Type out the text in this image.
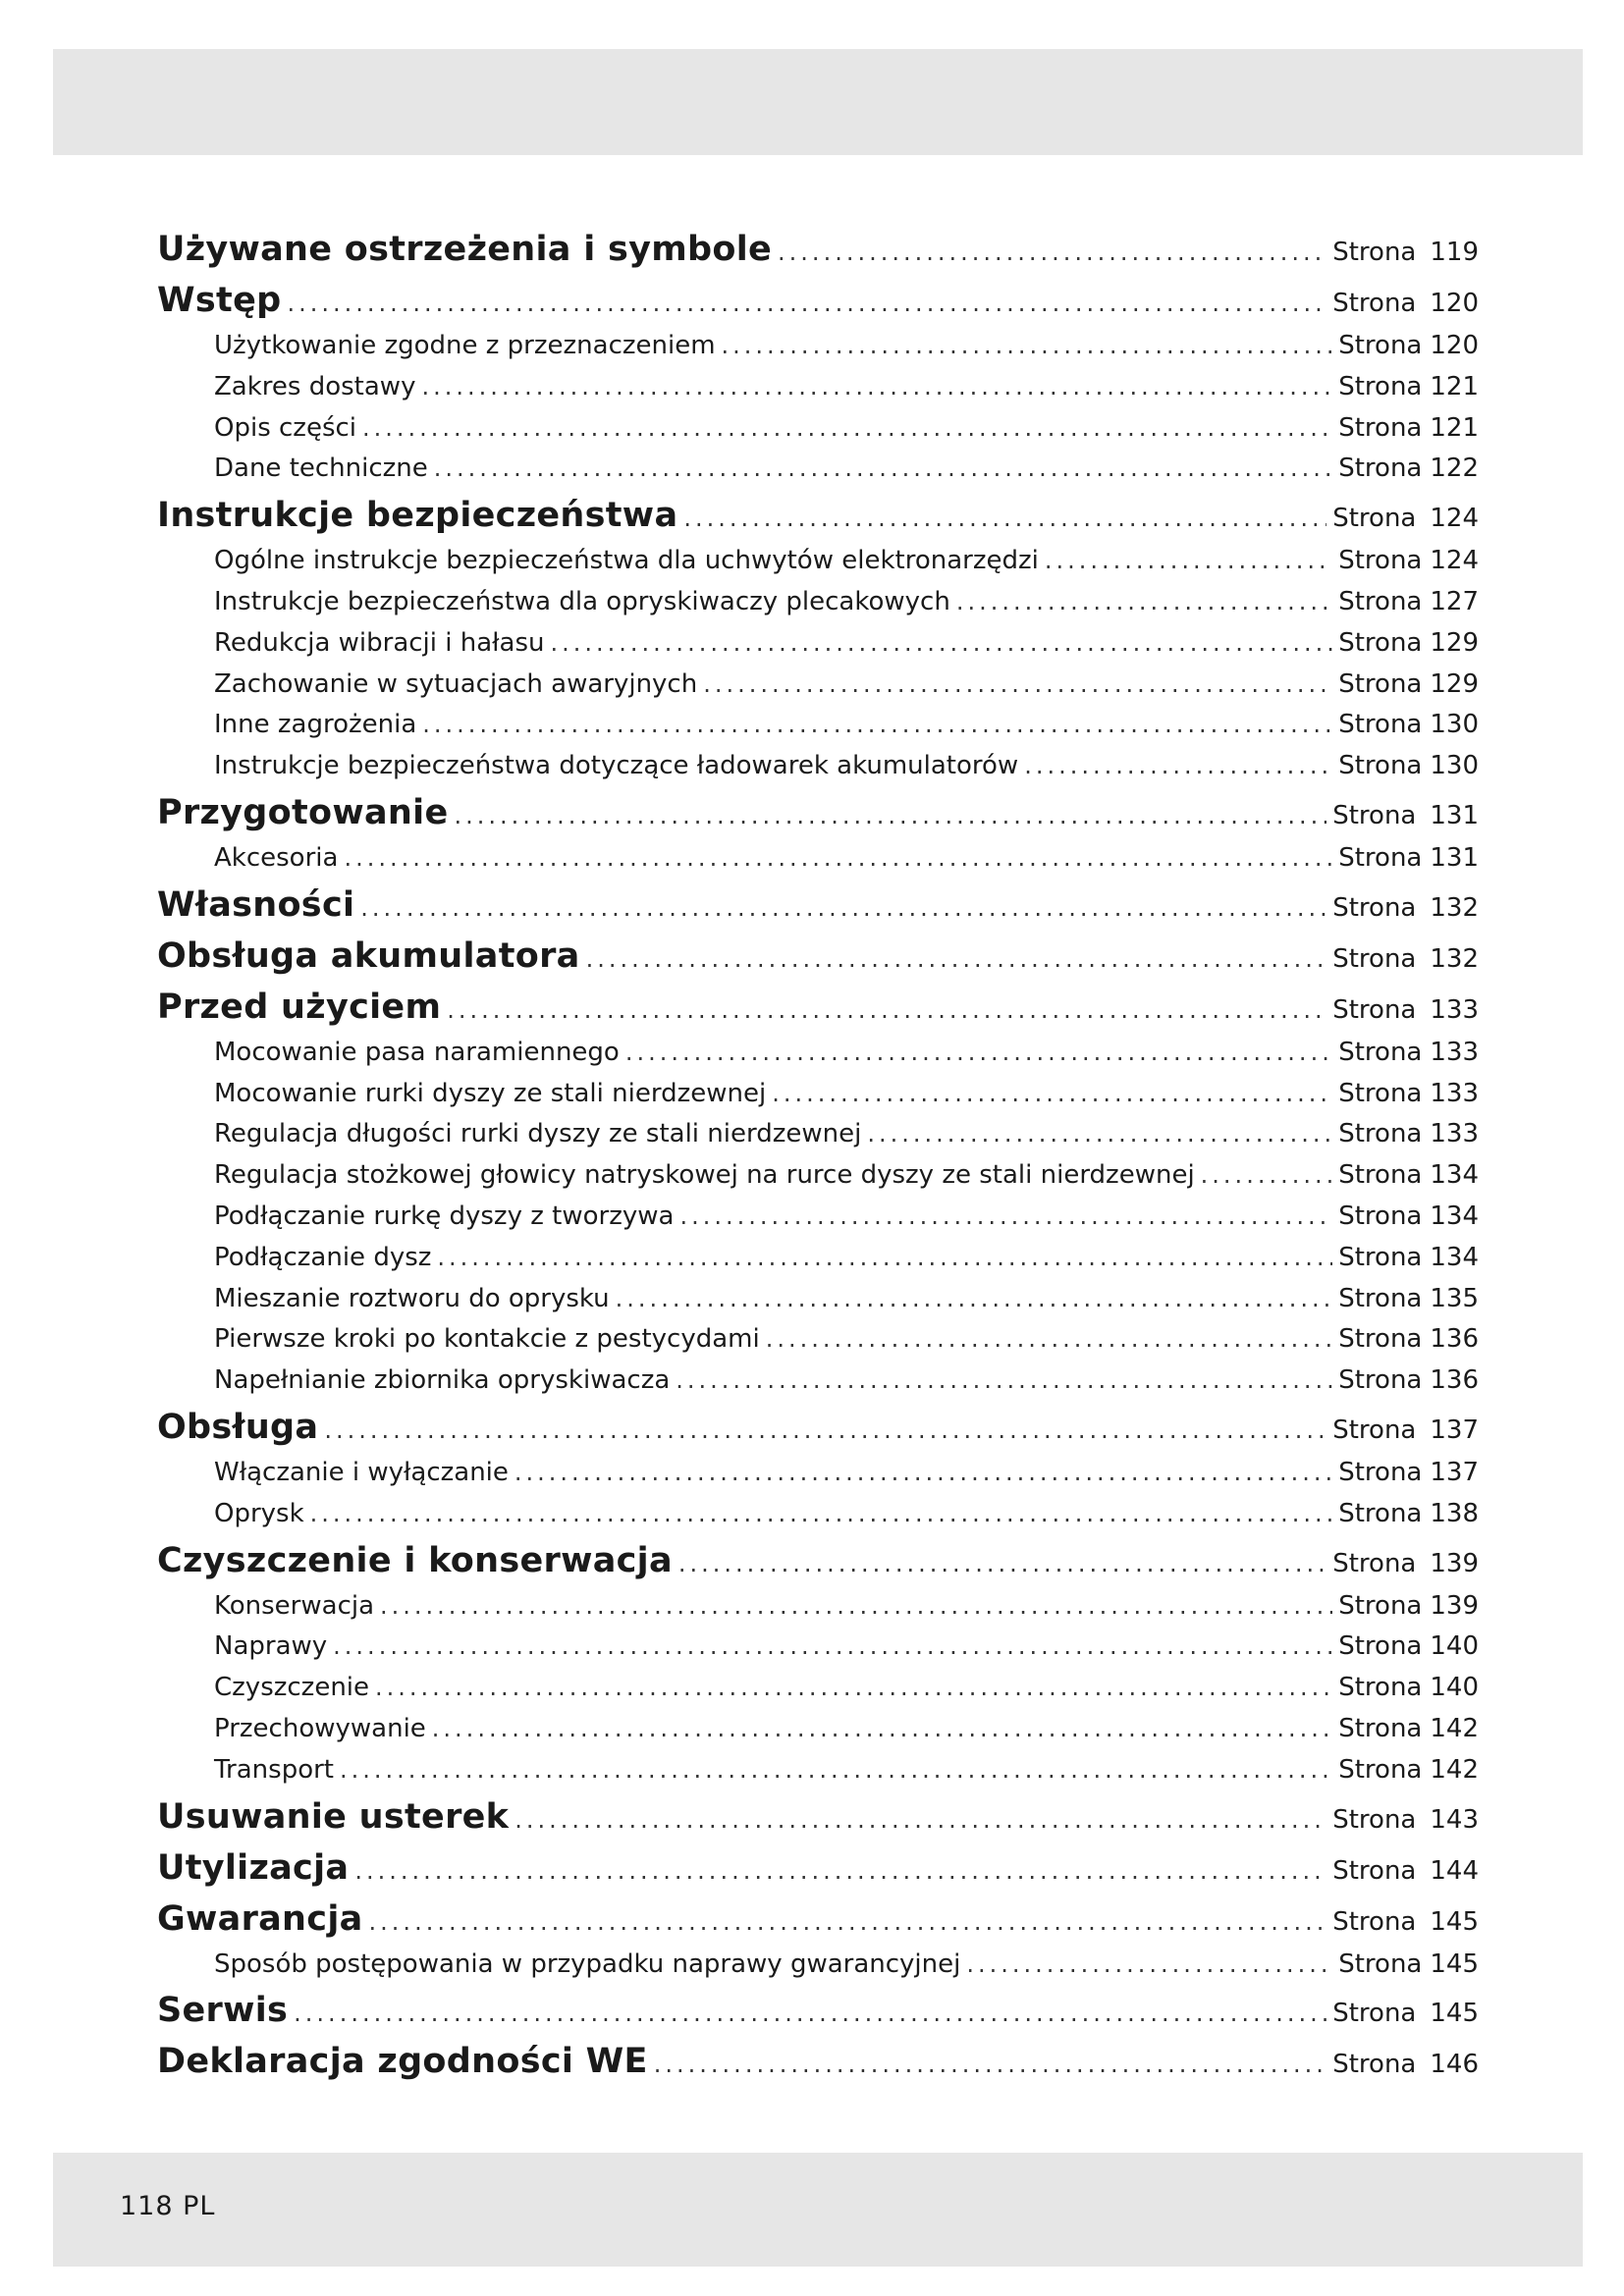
Używane ostrzeżenia i symbole .....	Strona 119
Wstęp .....	Strona 120
Użytkowanie zgodne z przeznaczeniem .....	Strona 120
Zakres dostawy .....	Strona 121
Opis części .....	Strona 121
Dane techniczne .....	Strona 122
Instrukcje bezpieczeństwa .....	Strona 124
Ogólne instrukcje bezpieczeństwa dla uchwytów elektronarzędzi .....	Strona 124
Instrukcje bezpieczeństwa dla opryskiwaczy plecakowych .....	Strona 127
Redukcja wibracji i hałasu .....	Strona 129
Zachowanie w sytuacjach awaryjnych .....	Strona 129
Inne zagrożenia .....	Strona 130
Instrukcje bezpieczeństwa dotyczące ładowarek akumulatorów .....	Strona 130
Przygotowanie .....	Strona 131
Akcesoria .....	Strona 131
Własności .....	Strona 132
Obsługa akumulatora .....	Strona 132
Przed użyciem .....	Strona 133
Mocowanie pasa naramiennego .....	Strona 133
Mocowanie rurki dyszy ze stali nierdzewnej .....	Strona 133
Regulacja długości rurki dyszy ze stali nierdzewnej .....	Strona 133
Regulacja stożkowej głowicy natryskowej na rurce dyszy ze stali nierdzewnej .....	Strona 134
Podłączanie rurkę dyszy z tworzywa .....	Strona 134
Podłączanie dysz .....	Strona 134
Mieszanie roztworu do oprysku .....	Strona 135
Pierwsze kroki po kontakcie z pestycydami .....	Strona 136
Napełnianie zbiornika opryskiwacza .....	Strona 136
Obsługa .....	Strona 137
Włączanie i wyłączanie .....	Strona 137
Oprysk .....	Strona 138
Czyszczenie i konserwacja .....	Strona 139
Konserwacja .....	Strona 139
Naprawy .....	Strona 140
Czyszczenie .....	Strona 140
Przechowywanie .....	Strona 142
Transport .....	Strona 142
Usuwanie usterek .....	Strona 143
Utylizacja .....	Strona 144
Gwarancja .....	Strona 145
Sposób postępowania w przypadku naprawy gwarancyjnej .....	Strona 145
Serwis .....	Strona 145
Deklaracja zgodności WE .....	Strona 146
118 PL
